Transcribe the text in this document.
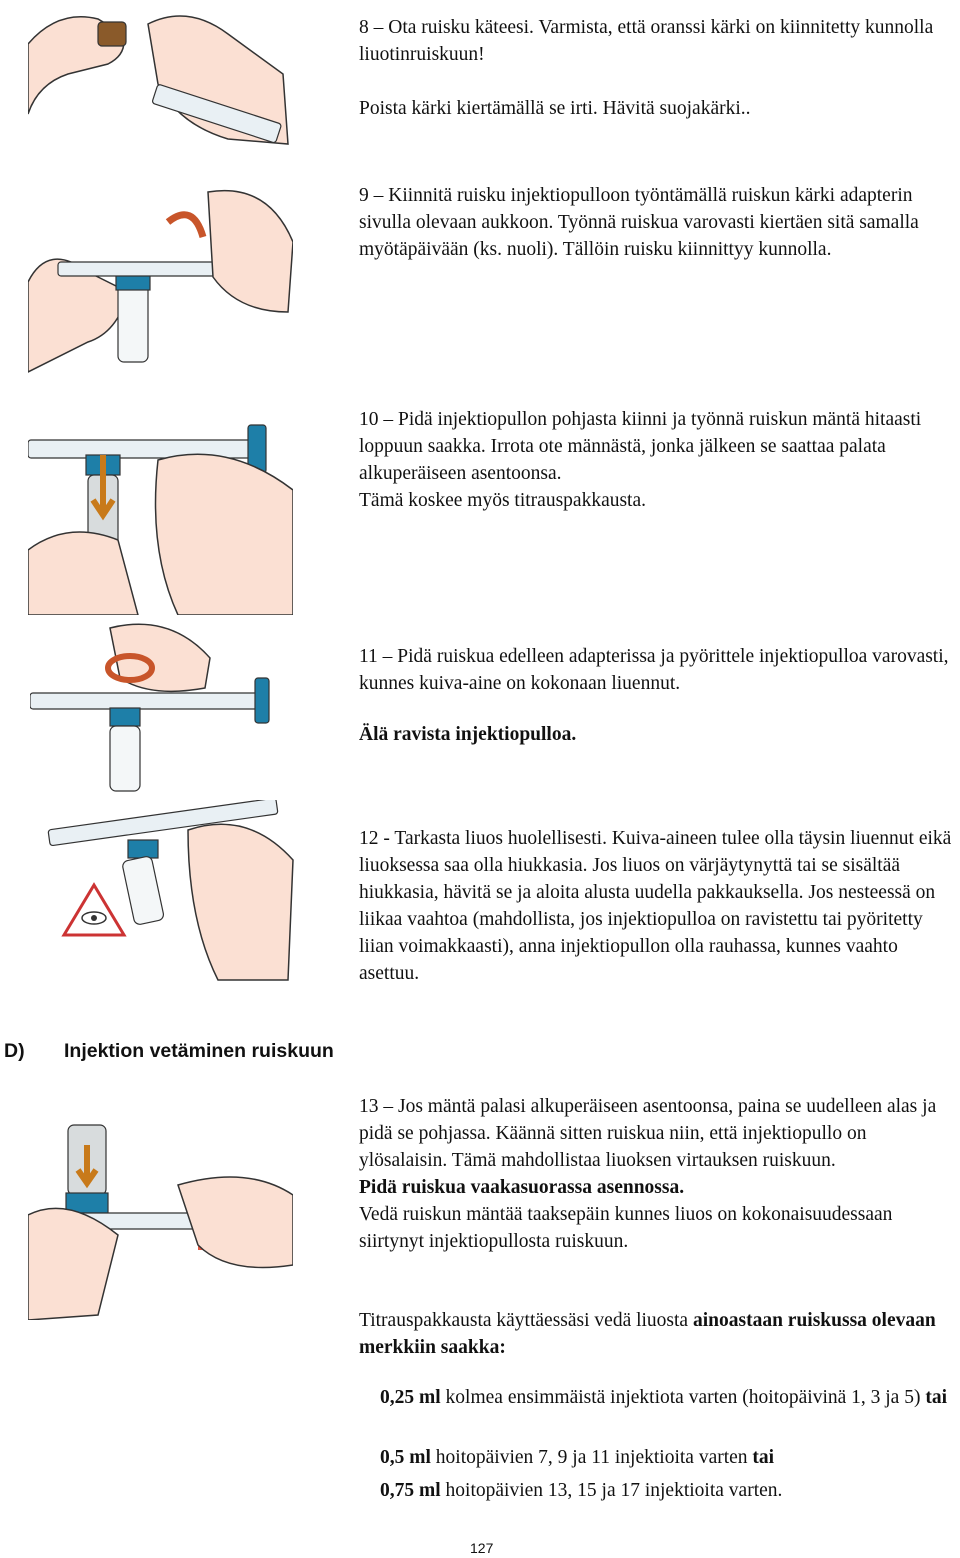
8 – Ota ruisku käteesi. Varmista, että oranssi kärki on kiinnitetty kunnolla liuotinruiskuun!

Poista kärki kiertämällä se irti. Hävitä suojakärki..

9 – Kiinnitä ruisku injektiopulloon työntämällä ruiskun kärki adapterin sivulla olevaan aukkoon. Työnnä ruiskua varovasti kiertäen sitä samalla myötäpäivään (ks. nuoli). Tällöin ruisku kiinnittyy kunnolla.

10 – Pidä injektiopullon pohjasta kiinni ja työnnä ruiskun mäntä hitaasti loppuun saakka. Irrota ote männästä, jonka jälkeen se saattaa palata alkuperäiseen asentoonsa.

Tämä koskee myös titrauspakkausta.

11 – Pidä ruiskua edelleen adapterissa ja pyörittele injektiopulloa varovasti, kunnes kuiva-aine on kokonaan liuennut.

Älä ravista injektiopulloa.

12 - Tarkasta liuos huolellisesti. Kuiva-aineen tulee olla täysin liuennut eikä liuoksessa saa olla hiukkasia. Jos liuos on värjäytynyttä tai se sisältää hiukkasia, hävitä se ja aloita alusta uudella pakkauksella. Jos nesteessä on liikaa vaahtoa (mahdollista, jos injektiopulloa on ravistettu tai pyöritetty liian voimakkaasti), anna injektiopullon olla rauhassa, kunnes vaahto asettuu.

D) Injektion vetäminen ruiskuun

13 – Jos mäntä palasi alkuperäiseen asentoonsa, paina se uudelleen alas ja pidä se pohjassa. Käännä sitten ruiskua niin, että injektiopullo on ylösalaisin. Tämä mahdollistaa liuoksen virtauksen ruiskuun.

Pidä ruiskua vaakasuorassa asennossa.

Vedä ruiskun mäntää taaksepäin kunnes liuos on kokonaisuudessaan siirtynyt injektiopullosta ruiskuun.

Titrauspakkausta käyttäessäsi vedä liuosta ainoastaan ruiskussa olevaan merkkiin saakka:

0,25 ml kolmea ensimmäistä injektiota varten (hoitopäivinä 1, 3 ja 5) tai
0,5 ml hoitopäivien 7, 9 ja 11 injektioita varten tai
0,75 ml hoitopäivien 13, 15 ja 17 injektioita varten.
127
